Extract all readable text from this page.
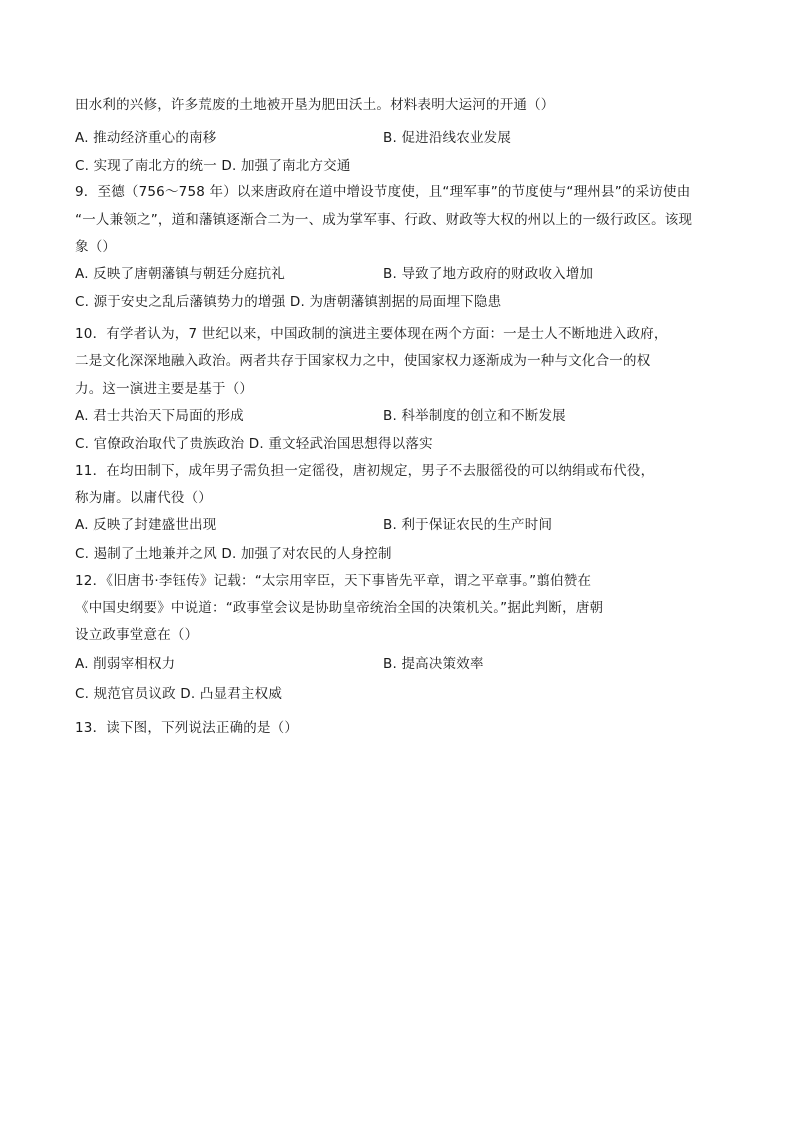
田水利的兴修，许多荒废的土地被开垦为肥田沃土。材料表明大运河的开通（）
A. 推动经济重心的南移	B. 促进沿线农业发展
C. 实现了南北方的统一 D. 加强了南北方交通
9．至德（756～758 年）以来唐政府在道中增设节度使，且“理军事”的节度使与“理州县”的采访使由
“一人兼领之”，道和藩镇逐渐合二为一、成为掌军事、行政、财政等大权的州以上的一级行政区。该现
象（）
A. 反映了唐朝藩镇与朝廷分庭抗礼	B. 导致了地方政府的财政收入增加
C. 源于安史之乱后藩镇势力的增强 D. 为唐朝藩镇割据的局面埋下隐患
10．有学者认为，7 世纪以来，中国政制的演进主要体现在两个方面：一是士人不断地进入政府，
二是文化深深地融入政治。两者共存于国家权力之中，使国家权力逐渐成为一种与文化合一的权
力。这一演进主要是基于（）
A. 君士共治天下局面的形成	B. 科举制度的创立和不断发展
C. 官僚政治取代了贵族政治 D. 重文轻武治国思想得以落实
11．在均田制下，成年男子需负担一定徭役，唐初规定，男子不去服徭役的可以纳绢或布代役，
称为庸。以庸代役（）
A. 反映了封建盛世出现	B. 利于保证农民的生产时间
C. 遏制了土地兼并之风 D. 加强了对农民的人身控制
12．《旧唐书·李钰传》记载：“太宗用宰臣，天下事皆先平章，谓之平章事。”翦伯赞在
《中国史纲要》中说道：“政事堂会议是协助皇帝统治全国的决策机关。”据此判断，唐朝
设立政事堂意在（）
A. 削弱宰相权力	B. 提高决策效率
C. 规范官员议政 D. 凸显君主权威
13．读下图，下列说法正确的是（）
